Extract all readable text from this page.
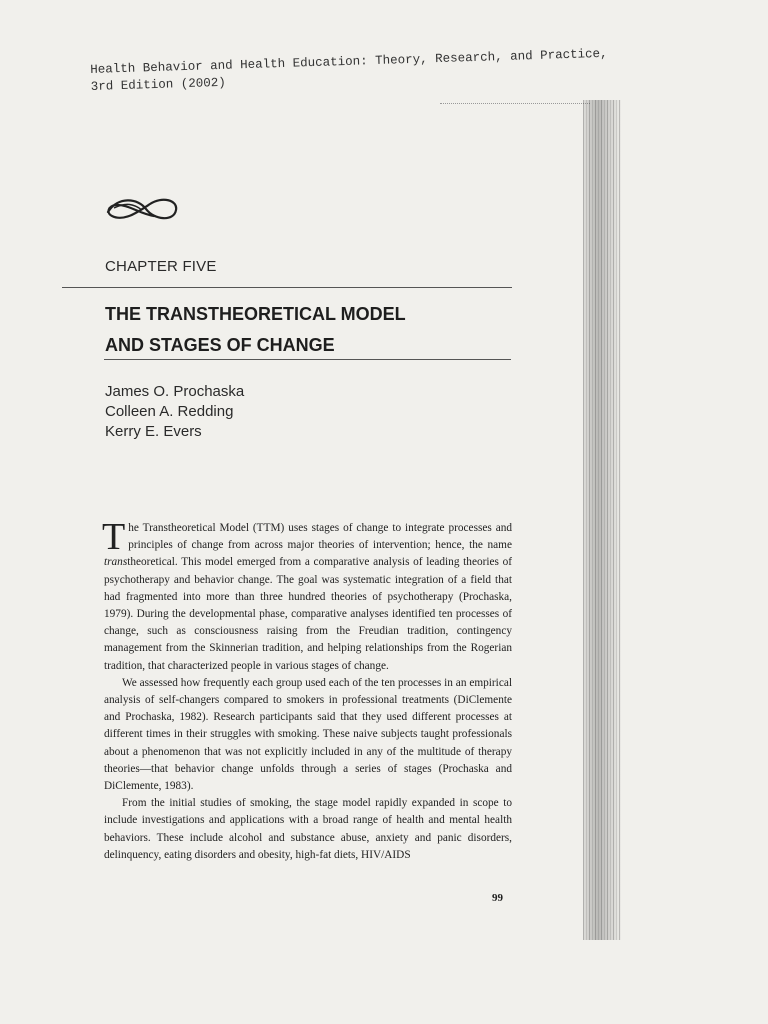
Health Behavior and Health Education: Theory, Research, and Practice,
3rd Edition (2002)
CHAPTER FIVE
THE TRANSTHEORETICAL MODEL
AND STAGES OF CHANGE
James O. Prochaska
Colleen A. Redding
Kerry E. Evers

The Transtheoretical Model (TTM) uses stages of change to integrate processes and principles of change from across major theories of intervention; hence, the name transtheoretical. This model emerged from a comparative analysis of leading theories of psychotherapy and behavior change. The goal was systematic integration of a field that had fragmented into more than three hundred theories of psychotherapy (Prochaska, 1979). During the developmental phase, comparative analyses identified ten processes of change, such as consciousness raising from the Freudian tradition, contingency management from the Skinnerian tradition, and helping relationships from the Rogerian tradition, that characterized people in various stages of change.

We assessed how frequently each group used each of the ten processes in an empirical analysis of self-changers compared to smokers in professional treatments (DiClemente and Prochaska, 1982). Research participants said that they used different processes at different times in their struggles with smoking. These naive subjects taught professionals about a phenomenon that was not explicitly included in any of the multitude of therapy theories—that behavior change unfolds through a series of stages (Prochaska and DiClemente, 1983).

From the initial studies of smoking, the stage model rapidly expanded in scope to include investigations and applications with a broad range of health and mental health behaviors. These include alcohol and substance abuse, anxiety and panic disorders, delinquency, eating disorders and obesity, high-fat diets, HIV/AIDS

99
